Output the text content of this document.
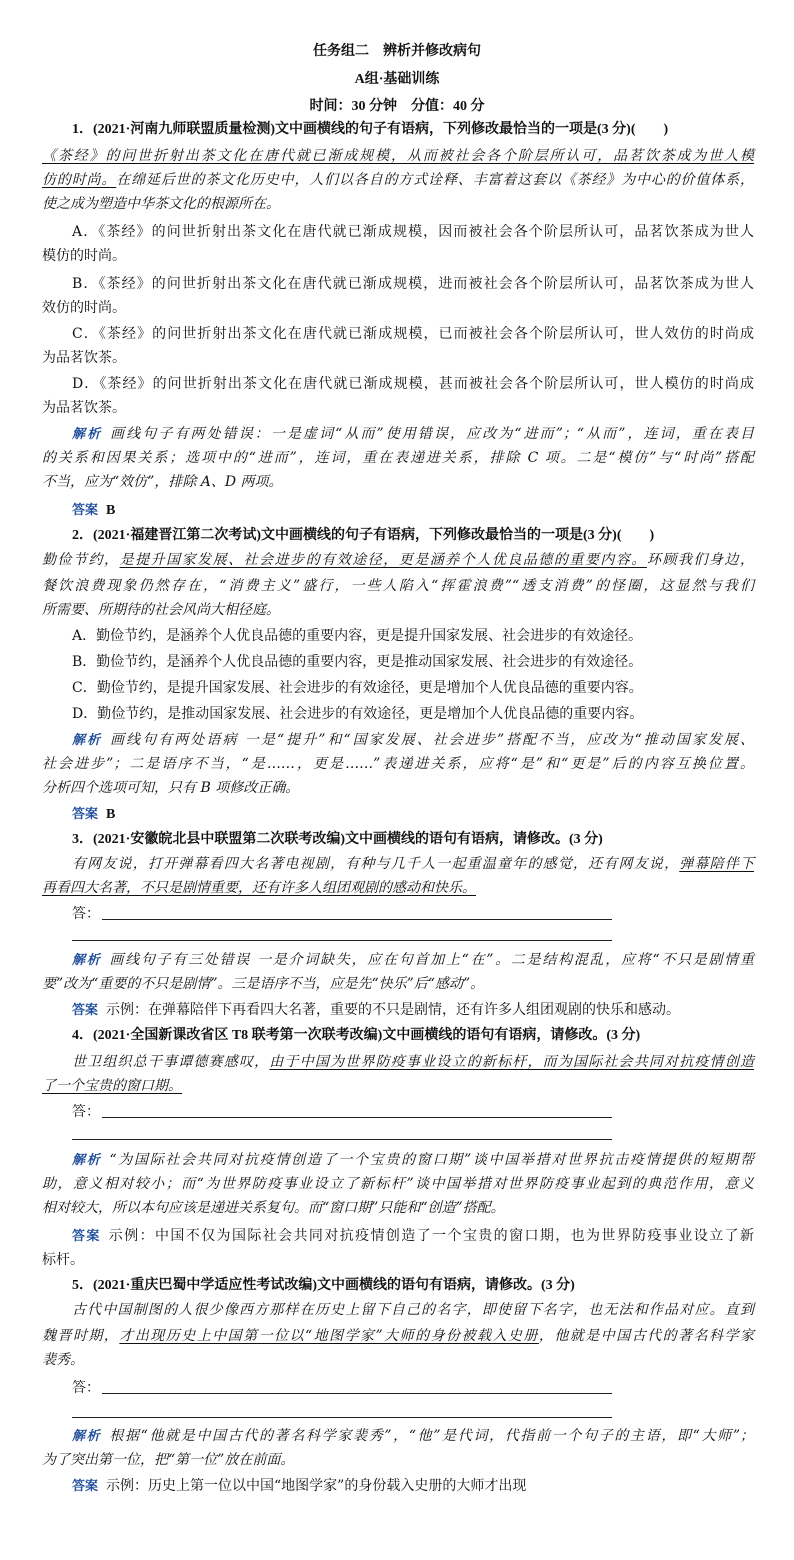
任务组二　辨析并修改病句
A组·基础训练
时间：30 分钟　分值：40 分
1．(2021·河南九师联盟质量检测)文中画横线的句子有语病，下列修改最恰当的一项是(3 分)(　　)
《茶经》的问世折射出茶文化在唐代就已渐成规模，从而被社会各个阶层所认可，品茗饮茶成为世人模
仿的时尚。在绵延后世的茶文化历史中，人们以各自的方式诠释、丰富着这套以《茶经》为中心的价值体系，
使之成为塑造中华茶文化的根源所在。
A．《茶经》的问世折射出茶文化在唐代就已渐成规模，因而被社会各个阶层所认可，品茗饮茶成为世人
模仿的时尚。
B．《茶经》的问世折射出茶文化在唐代就已渐成规模，进而被社会各个阶层所认可，品茗饮茶成为世人
效仿的时尚。
C．《茶经》的问世折射出茶文化在唐代就已渐成规模，已而被社会各个阶层所认可，世人效仿的时尚成
为品茗饮茶。
D．《茶经》的问世折射出茶文化在唐代就已渐成规模，甚而被社会各个阶层所认可，世人模仿的时尚成
为品茗饮茶。
解析 画线句子有两处错误：一是虚词“从而”使用错误，应改为“进而”；“从而”，连词，重在表目
的关系和因果关系；选项中的“进而”，连词，重在表递进关系，排除 C 项。二是“模仿”与“时尚”搭配
不当，应为“效仿”，排除 A、D 两项。
答案 B
2．(2021·福建晋江第二次考试)文中画横线的句子有语病，下列修改最恰当的一项是(3 分)(　　)
勤俭节约，是提升国家发展、社会进步的有效途径，更是涵养个人优良品德的重要内容。环顾我们身边，
餐饮浪费现象仍然存在，“消费主义”盛行，一些人陷入“挥霍浪费”“透支消费”的怪圈，这显然与我们
所需要、所期待的社会风尚大相径庭。
A．勤俭节约，是涵养个人优良品德的重要内容，更是提升国家发展、社会进步的有效途径。
B．勤俭节约，是涵养个人优良品德的重要内容，更是推动国家发展、社会进步的有效途径。
C．勤俭节约，是提升国家发展、社会进步的有效途径，更是增加个人优良品德的重要内容。
D．勤俭节约，是推动国家发展、社会进步的有效途径，更是增加个人优良品德的重要内容。
解析 画线句有两处语病 一是“提升”和“国家发展、社会进步”搭配不当，应改为“推动国家发展、
社会进步”；二是语序不当，“是……，更是……”表递进关系，应将“是”和“更是”后的内容互换位置。
分析四个选项可知，只有 B 项修改正确。
答案 B
3．(2021·安徽皖北县中联盟第二次联考改编)文中画横线的语句有语病，请修改。(3 分)
有网友说，打开弹幕看四大名著电视剧，有种与几千人一起重温童年的感觉，还有网友说，弹幕陪伴下
再看四大名著，不只是剧情重要，还有许多人组团观剧的感动和快乐。
答：
解析 画线句子有三处错误 一是介词缺失，应在句首加上“在”。二是结构混乱，应将“不只是剧情重
要”改为“重要的不只是剧情”。三是语序不当，应是先“快乐”后“感动”。
答案 示例：在弹幕陪伴下再看四大名著，重要的不只是剧情，还有许多人组团观剧的快乐和感动。
4．(2021·全国新课改省区 T8 联考第一次联考改编)文中画横线的语句有语病，请修改。(3 分)
世卫组织总干事谭德赛感叹，由于中国为世界防疫事业设立的新标杆，而为国际社会共同对抗疫情创造
了一个宝贵的窗口期。
答：
解析 “为国际社会共同对抗疫情创造了一个宝贵的窗口期”谈中国举措对世界抗击疫情提供的短期帮
助，意义相对较小；而“为世界防疫事业设立了新标杆”谈中国举措对世界防疫事业起到的典范作用，意义
相对较大，所以本句应该是递进关系复句。而“窗口期”只能和“创造”搭配。
答案 示例：中国不仅为国际社会共同对抗疫情创造了一个宝贵的窗口期，也为世界防疫事业设立了新
标杆。
5．(2021·重庆巴蜀中学适应性考试改编)文中画横线的语句有语病，请修改。(3 分)
古代中国制图的人很少像西方那样在历史上留下自己的名字，即使留下名字，也无法和作品对应。直到
魏晋时期，才出现历史上中国第一位以“地图学家”大师的身份被载入史册，他就是中国古代的著名科学家
裴秀。
答：
解析 根据“他就是中国古代的著名科学家裴秀”，“他”是代词，代指前一个句子的主语，即“大师”；
为了突出第一位，把“第一位”放在前面。
答案 示例：历史上第一位以中国“地图学家”的身份载入史册的大师才出现
